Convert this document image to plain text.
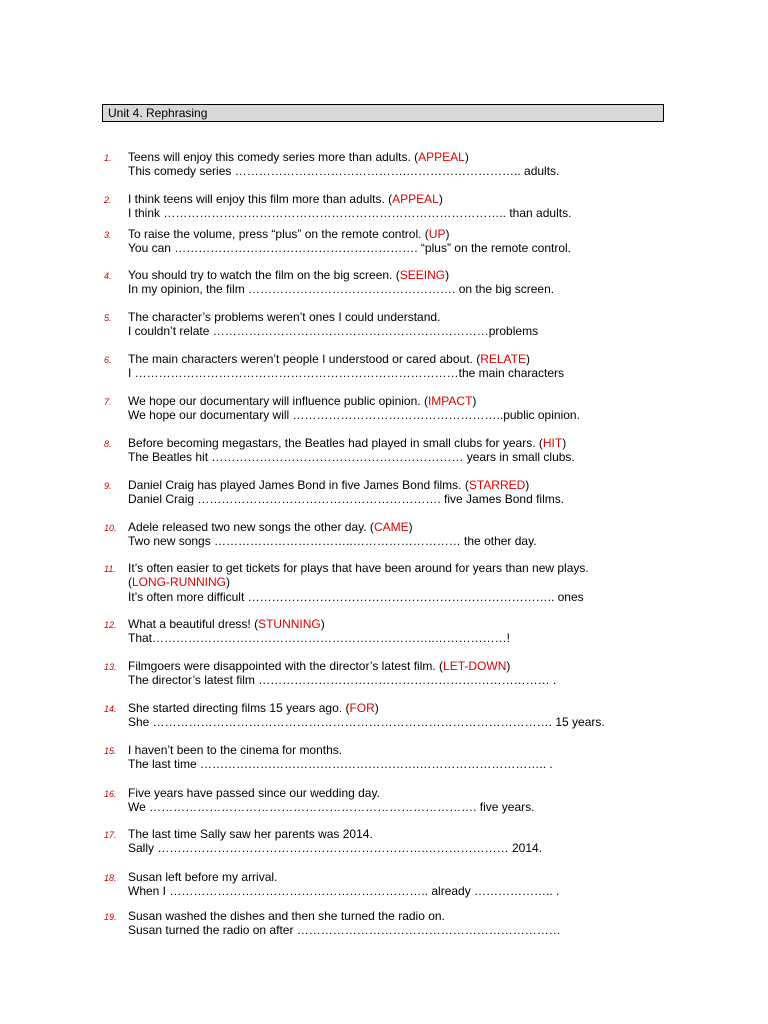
Unit 4. Rephrasing
1.	Teens will enjoy this comedy series more than adults. (APPEAL)
This comedy series …………………………………….……………………….. adults.
2.	I think teens will enjoy this film more than adults. (APPEAL)
I think ………………………………………………………………………….. than adults.
3.	To raise the volume, press “plus” on the remote control. (UP)
You can ……………………………………………………. “plus” on the remote control.
4.	You should try to watch the film on the big screen. (SEEING)
In my opinion, the film ……………………………………………. on the big screen.
5.	The character’s problems weren’t ones I could understand.
I couldn’t relate ……………………………………………………………problems
6.	The main characters weren’t people I understood or cared about. (RELATE)
I ………………………………………………………………………the main characters
7.	We hope our documentary will influence public opinion. (IMPACT)
We hope our documentary will ……………………………………………..public opinion.
8.	Before becoming megastars, the Beatles had played in small clubs for years. (HIT)
The Beatles hit ……………………………………………………… years in small clubs.
9.	Daniel Craig has played James Bond in five James Bond films. (STARRED)
Daniel Craig ……………………………………………………. five James Bond films.
10. Adele released two new songs the other day. (CAME)
Two new songs ……………………………..……………………… the other day.
11.	It’s often easier to get tickets for plays that have been around for years than new plays.
(LONG-RUNNING)
It’s often more difficult ………………………………………………………………….. ones
12. What a beautiful dress! (STUNNING)
That……………………………………………………………..………………!
13. Filmgoers were disappointed with the director’s latest film. (LET-DOWN)
The director’s latest film ……………………………………………….……………… .
14. She started directing films 15 years ago. (FOR)
She ………………………………………………………………………………………. 15 years.
15. I haven’t been to the cinema for months.
The last time ……………………………………………….………………………….. .
16. Five years have passed since our wedding day.
We ………………………………………………………………………. five years.
17. The last time Sally saw her parents was 2014.
Sally ………………………………………………………….………………… 2014.
18. Susan left before my arrival.
When I ……………………………………………………….. already ……………….. .
19. Susan washed the dishes and then she turned the radio on.
Susan turned the radio on after …………………………………………………………
